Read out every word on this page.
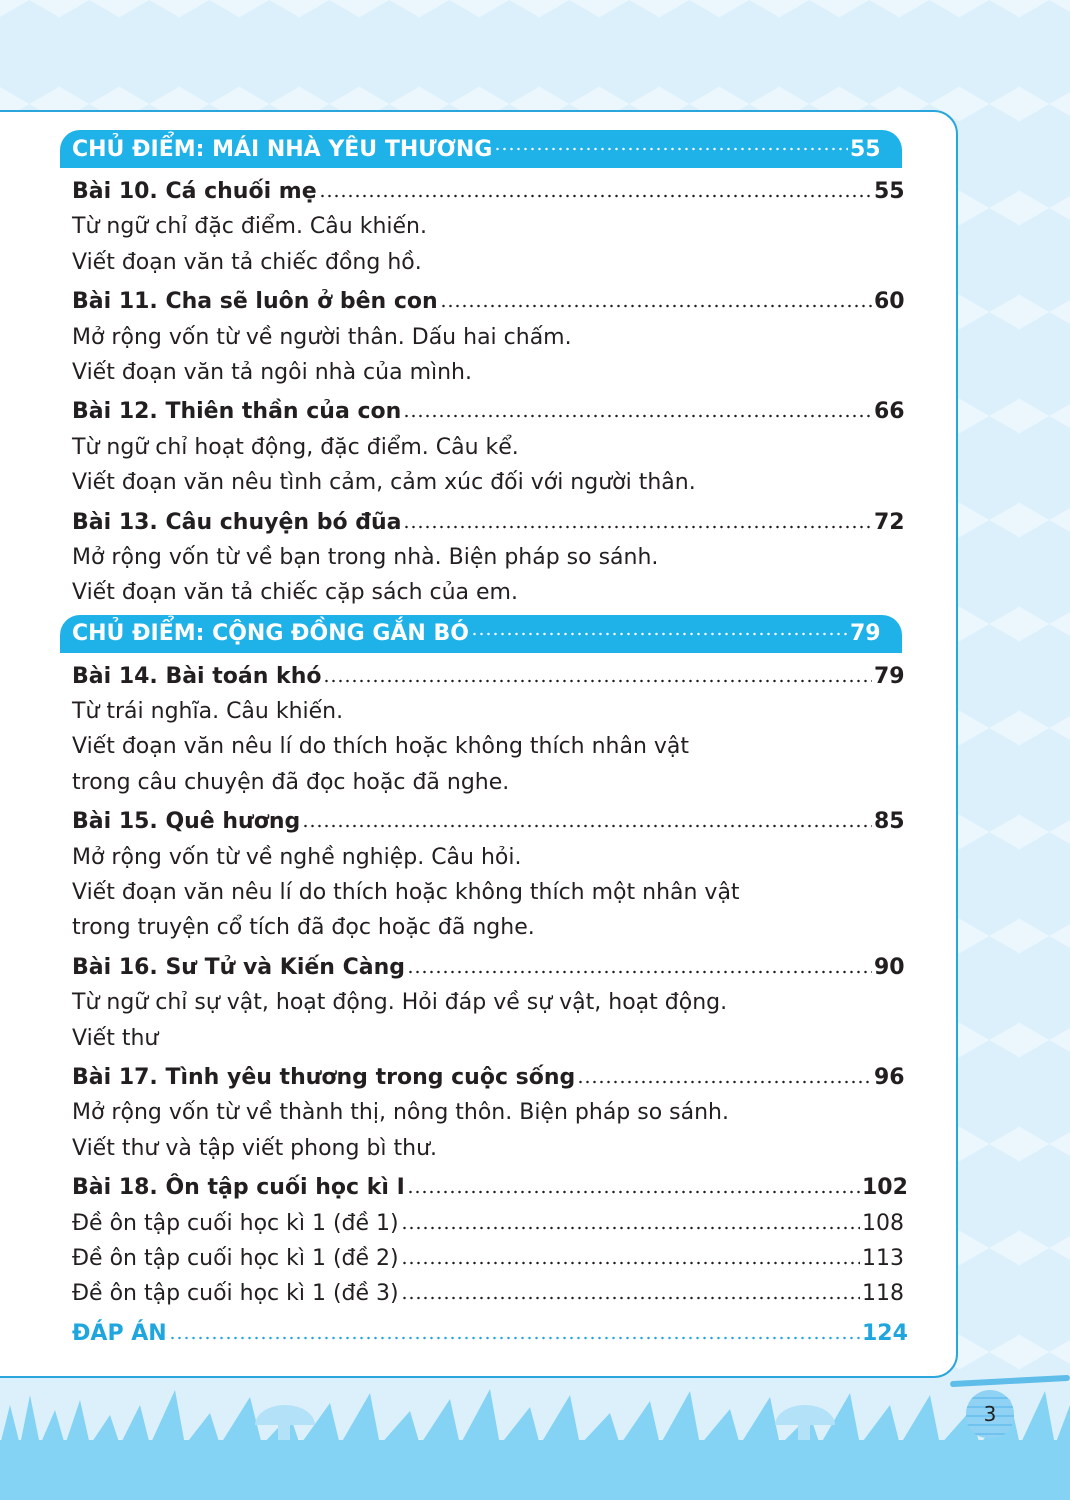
CHỦ ĐIỂM: MÁI NHÀ YÊU THƯƠNG	55
Bài 10. Cá chuối mẹ	55
Từ ngữ chỉ đặc điểm. Câu khiến.
Viết đoạn văn tả chiếc đồng hồ.
Bài 11. Cha sẽ luôn ở bên con	60
Mở rộng vốn từ về người thân. Dấu hai chấm.
Viết đoạn văn tả ngôi nhà của mình.
Bài 12. Thiên thần của con	66
Từ ngữ chỉ hoạt động, đặc điểm. Câu kể.
Viết đoạn văn nêu tình cảm, cảm xúc đối với người thân.
Bài 13. Câu chuyện bó đũa	72
Mở rộng vốn từ về bạn trong nhà. Biện pháp so sánh.
Viết đoạn văn tả chiếc cặp sách của em.
CHỦ ĐIỂM: CỘNG ĐỒNG GẮN BÓ	79
Bài 14. Bài toán khó	79
Từ trái nghĩa. Câu khiến.
Viết đoạn văn nêu lí do thích hoặc không thích nhân vật
trong câu chuyện đã đọc hoặc đã nghe.
Bài 15. Quê hương	85
Mở rộng vốn từ về nghề nghiệp. Câu hỏi.
Viết đoạn văn nêu lí do thích hoặc không thích một nhân vật
trong truyện cổ tích đã đọc hoặc đã nghe.
Bài 16. Sư Tử và Kiến Càng	90
Từ ngữ chỉ sự vật, hoạt động. Hỏi đáp về sự vật, hoạt động.
Viết thư
Bài 17. Tình yêu thương trong cuộc sống	96
Mở rộng vốn từ về thành thị, nông thôn. Biện pháp so sánh.
Viết thư và tập viết phong bì thư.
Bài 18. Ôn tập cuối học kì I	102
Đề ôn tập cuối học kì 1 (đề 1)	108
Đề ôn tập cuối học kì 1 (đề 2)	113
Đề ôn tập cuối học kì 1 (đề 3)	118
ĐÁP ÁN	124
3
